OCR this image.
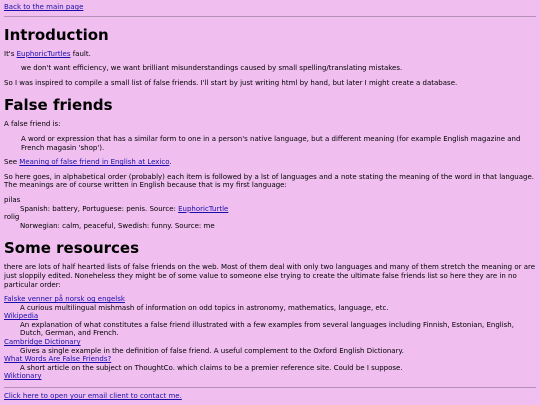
Back to the main page
Introduction

It's EuphoricTurtles fault.

we don't want efficiency, we want brilliant misunderstandings caused by small spelling/translating mistakes.

So I was inspired to compile a small list of false friends. I'll start by just writing html by hand, but later I might create a database.

False friends

A false friend is:

A word or expression that has a similar form to one in a person's native language, but a different meaning (for example English magazine and French magasin 'shop').

See Meaning of false friend in English at Lexico.

So here goes, in alphabetical order (probably) each item is followed by a lst of languages and a note stating the meaning of the word in that language. The meanings are of course written in English because that is my first language:

pilas
Spanish: battery, Portuguese: penis. Source: EuphoricTurtle
rolig
Norwegian: calm, peaceful, Swedish: funny. Source: me
Some resources

there are lots of half hearted lists of false friends on the web. Most of them deal with only two languages and many of them stretch the meaning or are just sloppily edited. Noneheless they might be of some value to someone else trying to create the ultimate false friends list so here they are in no particular order:

Falske venner på norsk og engelsk
A curious multilingual mishmash of information on odd topics in astronomy, mathematics, language, etc.
Wikipedia
An explanation of what constitutes a false friend illustrated with a few examples from several languages including Finnish, Estonian, English, Dutch, German, and French.
Cambridge Dictionary
Gives a single example in the definition of false friend. A useful complement to the Oxford English Dictionary.
What Words Are False Friends?
A short article on the subject on ThoughtCo. which claims to be a premier reference site. Could be I suppose.
Wiktionary
Click here to open your email client to contact me.
